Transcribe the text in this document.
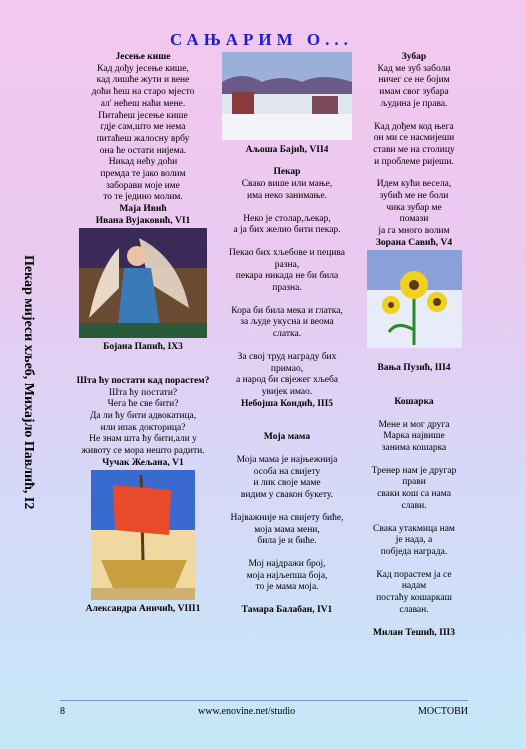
САЊАРИМ О...
Пекар мијеси хљеб, Михајло Павлић, I2

Јесење кише

Кад дођу јесење кише,

кад лишће жути и вене

доћи ћеш на старо мјесто

ал' нећеш наћи мене.

Питаћеш јесење кише

гдје сам,што ме нема

питаћеш жалосну врбу

она ће остати нијема.

Никад нећу доћи

премда те јако волим

заборави моје име

то те једино молим.

Маја Ивић

Ивана Вујаковић, VI1

Бојана Папић, IX3

Шта ћу постати кад порастем?

Шта ћу постати?

Чега ће све бити?

Да ли ћу бити адвокатица,

или ипак докторица?

Не знам шта ћу бити,али у

животу се мора нешто радити.

Чучак Жељана, V1

Александра Аничић, VIII1

Аљоша Бајић, VII4

Пекар

Свако више или мање,

има неко занимање.

Неко је столар,љекар,

а ја бих желио бити пекар.

Пекао бих хљебове и пецива

разна,

пекара никада не би била

празна.

Кора би била мека и глатка,

за људе укусна и веома

слатка.

За свој труд награду бих

примао,

а народ би свјежег хљеба

увијек имао.

Небојша Кондић, III5

Моја мама

Моја мама је најњежнија

особа на свијету

и лик своје маме

видим у свакон букету.

Најважније на свијету биће,

моја мама мени,

била је и биће.

Мој најдражи број,

моја најљепша боја,

то је мама моја.

Тамара Балабан, IV1

Зубар

Кад ме зуб заболи

ничег се не бојим

имам свог зубара

људина је права.

Кад дођем код њега

он ми се насмијеши

стави ме на столицу

и проблеме ријеши.

Идем кући весела,

зубић ме не боли

чика зубар ме

помази

ја га много волим

Зорана Савић, V4

Вања Пузић, III4

Кошарка

Мене и мог друга

Марка највише

занима кошарка

Тренер нам је другар

прави

сваки кош са нама

слави.

Свака утакмица нам

је нада, а

побједа награда.

Кад порастем ја се

надам

постаћу кошаркаш

славан.

Милан Тешић, III3

8	www.enovine.net/studio	МОСТОВИ
